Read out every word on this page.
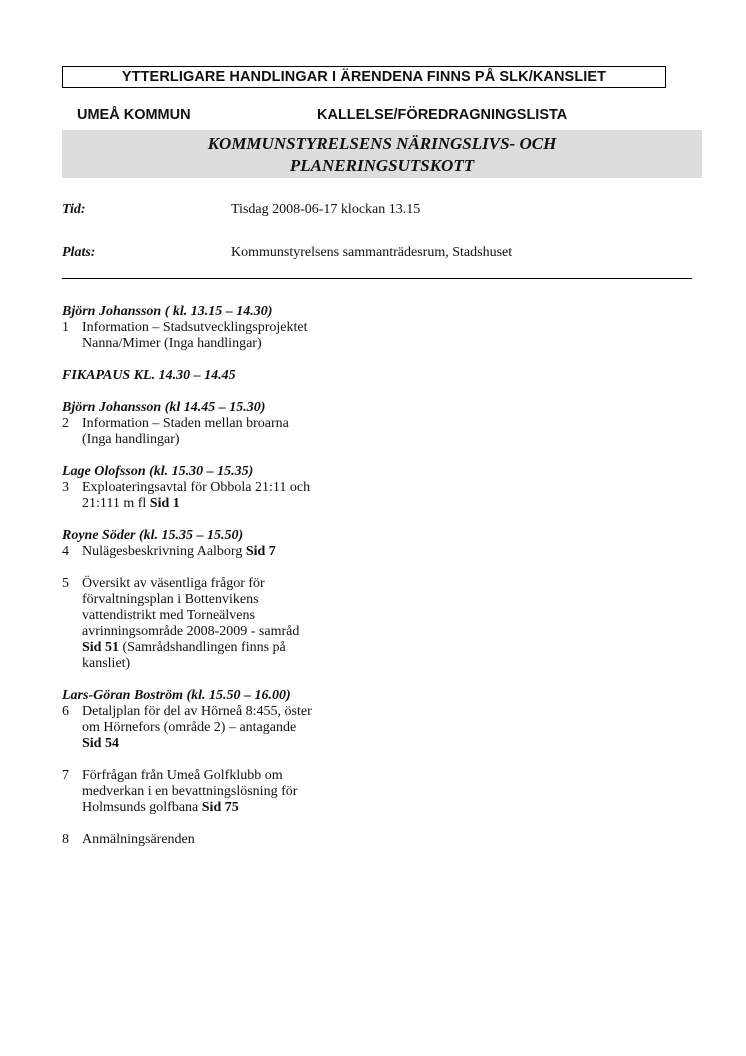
YTTERLIGARE HANDLINGAR I ÄRENDENA FINNS PÅ SLK/KANSLIET
UMEÅ KOMMUN	KALLELSE/FÖREDRAGNINGSLISTA
KOMMUNSTYRELSENS NÄRINGSLIVS- OCH
PLANERINGSUTSKOTT
Tid:	Tisdag 2008-06-17 klockan 13.15
Plats:	Kommunstyrelsens sammanträdesrum, Stadshuset
Björn Johansson ( kl. 13.15 – 14.30)
1 Information – Stadsutvecklingsprojektet
Nanna/Mimer (Inga handlingar)
FIKAPAUS KL. 14.30 – 14.45
Björn Johansson (kl 14.45 – 15.30)
2 Information – Staden mellan broarna
(Inga handlingar)
Lage Olofsson (kl. 15.30 – 15.35)
3 Exploateringsavtal för Obbola 21:11 och
21:111 m fl Sid 1
Royne Söder (kl. 15.35 – 15.50)
4 Nulägesbeskrivning Aalborg Sid 7
5 Översikt av väsentliga frågor för
förvaltningsplan i Bottenvikens
vattendistrikt med Torneälvens
avrinningsområde 2008-2009 - samråd
Sid 51 (Samrådshandlingen finns på
kansliet)
Lars-Göran Boström (kl. 15.50 – 16.00)
6 Detaljplan för del av Hörneå 8:455, öster
om Hörnefors (område 2) – antagande
Sid 54
7 Förfrågan från Umeå Golfklubb om
medverkan i en bevattningslösning för
Holmsunds golfbana Sid 75
8 Anmälningsärenden
